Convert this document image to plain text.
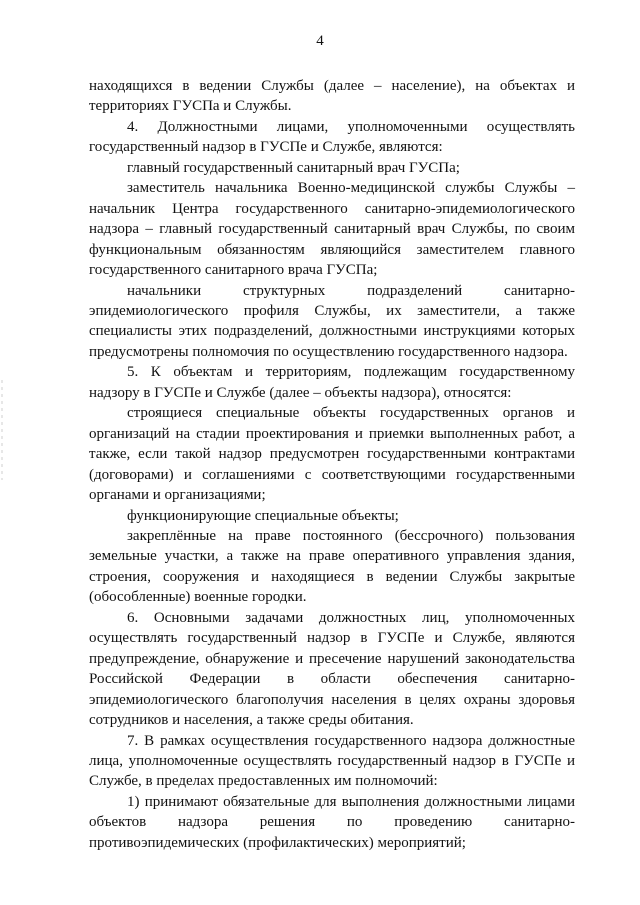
4

находящихся в ведении Службы (далее – население), на объектах и территориях ГУСПа и Службы.

4. Должностными лицами, уполномоченными осуществлять государственный надзор в ГУСПе и Службе, являются:

главный государственный санитарный врач ГУСПа;

заместитель начальника Военно-медицинской службы Службы – начальник Центра государственного санитарно-эпидемиологического надзора – главный государственный санитарный врач Службы, по своим функциональным обязанностям являющийся заместителем главного государственного санитарного врача ГУСПа;

начальники структурных подразделений санитарно-эпидемиологического профиля Службы, их заместители, а также специалисты этих подразделений, должностными инструкциями которых предусмотрены полномочия по осуществлению государственного надзора.

5. К объектам и территориям, подлежащим государственному надзору в ГУСПе и Службе (далее – объекты надзора), относятся:

строящиеся специальные объекты государственных органов и организаций на стадии проектирования и приемки выполненных работ, а также, если такой надзор предусмотрен государственными контрактами (договорами) и соглашениями с соответствующими государственными органами и организациями;

функционирующие специальные объекты;

закреплённые на праве постоянного (бессрочного) пользования земельные участки, а также на праве оперативного управления здания, строения, сооружения и находящиеся в ведении Службы закрытые (обособленные) военные городки.

6. Основными задачами должностных лиц, уполномоченных осуществлять государственный надзор в ГУСПе и Службе, являются предупреждение, обнаружение и пресечение нарушений законодательства Российской Федерации в области обеспечения санитарно-эпидемиологического благополучия населения в целях охраны здоровья сотрудников и населения, а также среды обитания.

7. В рамках осуществления государственного надзора должностные лица, уполномоченные осуществлять государственный надзор в ГУСПе и Службе, в пределах предоставленных им полномочий:

1) принимают обязательные для выполнения должностными лицами объектов надзора решения по проведению санитарно-противоэпидемических (профилактических) мероприятий;
